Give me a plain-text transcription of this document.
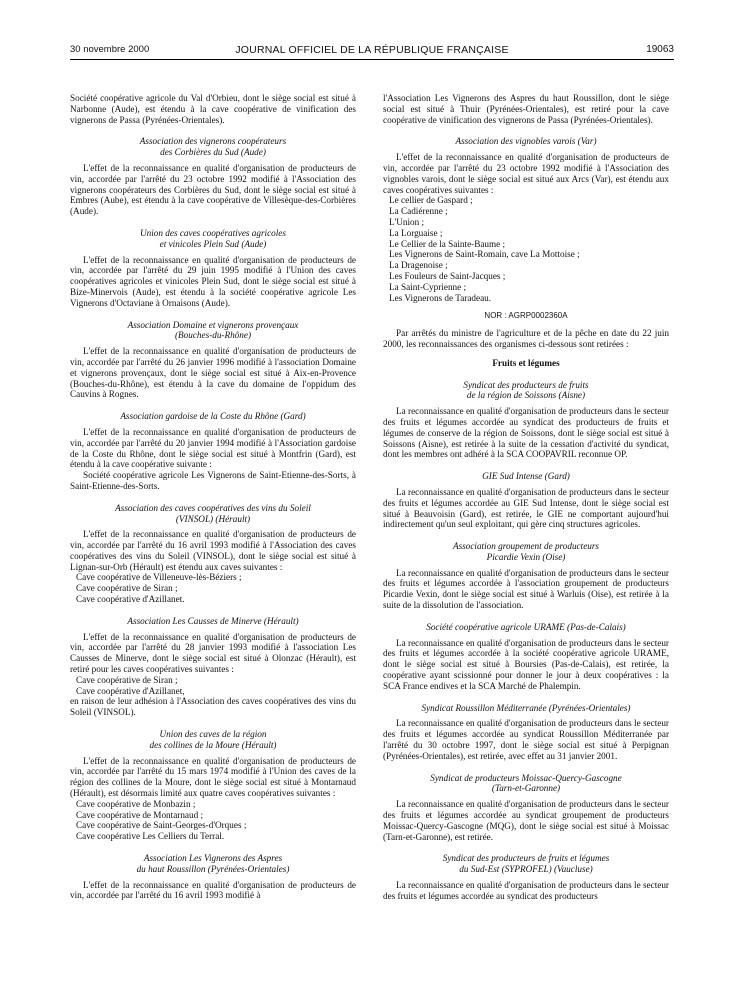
30 novembre 2000	JOURNAL OFFICIEL DE LA RÉPUBLIQUE FRANÇAISE	19063
Société coopérative agricole du Val d'Orbieu, dont le siège social est situé à Narbonne (Aude), est étendu à la cave coopérative de vinification des vignerons de Passa (Pyrénées-Orientales).
Association des vignerons coopérateurs
des Corbières du Sud (Aude)
L'effet de la reconnaissance en qualité d'organisation de producteurs de vin, accordée par l'arrêté du 23 octobre 1992 modifié à l'Association des vignerons coopérateurs des Corbières du Sud, dont le siège social est situé à Embres (Aube), est étendu à la cave coopérative de Villesèque-des-Corbières (Aude).
Union des caves coopératives agricoles
et vinicoles Plein Sud (Aude)
L'effet de la reconnaissance en qualité d'organisation de producteurs de vin, accordée par l'arrêté du 29 juin 1995 modifié à l'Union des caves coopératives agricoles et vinicoles Plein Sud, dont le siège social est situé à Bize-Minervois (Aude), est étendu à la société coopérative agricole Les Vignerons d'Octaviane à Ornaisons (Aude).
Association Domaine et vignerons provençaux
(Bouches-du-Rhône)
L'effet de la reconnaissance en qualité d'organisation de producteurs de vin, accordée par l'arrêté du 26 janvier 1996 modifié à l'association Domaine et vignerons provençaux, dont le siège social est situé à Aix-en-Provence (Bouches-du-Rhône), est étendu à la cave du domaine de l'oppidum des Cauvins à Rognes.
Association gardoise de la Coste du Rhône (Gard)
L'effet de la reconnaissance en qualité d'organisation de producteurs de vin, accordée par l'arrêté du 20 janvier 1994 modifié à l'Association gardoise de la Coste du Rhône, dont le siège social est situé à Montfrin (Gard), est étendu à la cave coopérative suivante :
Société coopérative agricole Les Vignerons de Saint-Etienne-des-Sorts, à Saint-Etienne-des-Sorts.
Association des caves coopératives des vins du Soleil
(VINSOL) (Hérault)
L'effet de la reconnaissance en qualité d'organisation de producteurs de vin, accordée par l'arrêté du 16 avril 1993 modifié à l'Association des caves coopératives des vins du Soleil (VINSOL), dont le siège social est situé à Lignan-sur-Orb (Hérault) est étendu aux caves suivantes :
Cave coopérative de Villeneuve-lès-Béziers ;
Cave coopérative de Siran ;
Cave coopérative d'Azillanet.
Association Les Causses de Minerve (Hérault)
L'effet de la reconnaissance en qualité d'organisation de producteurs de vin, accordée par l'arrêté du 28 janvier 1993 modifié à l'association Les Causses de Minerve, dont le siège social est situé à Olonzac (Hérault), est retiré pour les caves coopératives suivantes :
Cave coopérative de Siran ;
Cave coopérative d'Azillanet,
en raison de leur adhésion à l'Association des caves coopératives des vins du Soleil (VINSOL).
Union des caves de la région
des collines de la Moure (Hérault)
L'effet de la reconnaissance en qualité d'organisation de producteurs de vin, accordée par l'arrêté du 15 mars 1974 modifié à l'Union des caves de la région des collines de la Moure, dont le siège social est situé à Montarnaud (Hérault), est désormais limité aux quatre caves coopératives suivantes :
Cave coopérative de Monbazin ;
Cave coopérative de Montarnaud ;
Cave coopérative de Saint-Georges-d'Orques ;
Cave coopérative Les Celliers du Terral.
Association Les Vignerons des Aspres
du haut Roussillon (Pyrénées-Orientales)
L'effet de la reconnaissance en qualité d'organisation de producteurs de vin, accordée par l'arrêté du 16 avril 1993 modifié à
l'Association Les Vignerons des Aspres du haut Roussillon, dont le siège social est situé à Thuir (Pyrénées-Orientales), est retiré pour la cave coopérative de vinification des vignerons de Passa (Pyrénées-Orientales).
Association des vignobles varois (Var)
L'effet de la reconnaissance en qualité d'organisation de producteurs de vin, accordée par l'arrêté du 23 octobre 1992 modifié à l'Association des vignobles varois, dont le siège social est situé aux Arcs (Var), est étendu aux caves coopératives suivantes :
Le cellier de Gaspard ;
La Cadiérenne ;
L'Union ;
La Lorguaise ;
Le Cellier de la Sainte-Baume ;
Les Vignerons de Saint-Romain, cave La Mottoise ;
La Dragenoise ;
Les Fouleurs de Saint-Jacques ;
La Saint-Cyprienne ;
Les Vignerons de Taradeau.
NOR : AGRP0002360A
Par arrêtés du ministre de l'agriculture et de la pêche en date du 22 juin 2000, les reconnaissances des organismes ci-dessous sont retirées :
Fruits et légumes
Syndicat des producteurs de fruits
de la région de Soissons (Aisne)
La reconnaissance en qualité d'organisation de producteurs dans le secteur des fruits et légumes accordée au syndicat des producteurs de fruits et légumes de conserve de la région de Soissons, dont le siège social est situé à Soissons (Aisne), est retirée à la suite de la cessation d'activité du syndicat, dont les membres ont adhéré à la SCA COOPAVRIL reconnue OP.
GIE Sud Intense (Gard)
La reconnaissance en qualité d'organisation de producteurs dans le secteur des fruits et légumes accordée au GIE Sud Intense, dont le siège social est situé à Beauvoisin (Gard), est retirée, le GIE ne comportant aujourd'hui indirectement qu'un seul exploitant, qui gère cinq structures agricoles.
Association groupement de producteurs
Picardie Vexin (Oise)
La reconnaissance en qualité d'organisation de producteurs dans le secteur des fruits et légumes accordée à l'association groupement de producteurs Picardie Vexin, dont le siège social est situé à Warluis (Oise), est retirée à la suite de la dissolution de l'association.
Société coopérative agricole URAME (Pas-de-Calais)
La reconnaissance en qualité d'organisation de producteurs dans le secteur des fruits et légumes accordée à la société coopérative agricole URAME, dont le siège social est situé à Boursies (Pas-de-Calais), est retirée, la coopérative ayant scissionné pour donner le jour à deux coopératives : la SCA France endives et la SCA Marché de Phalempin.
Syndicat Roussillon Méditerranée (Pyrénées-Orientales)
La reconnaissance en qualité d'organisation de producteurs dans le secteur des fruits et légumes accordée au syndicat Roussillon Méditerranée par l'arrêté du 30 octobre 1997, dont le siège social est situé à Perpignan (Pyrénées-Orientales), est retirée, avec effet au 31 janvier 2001.
Syndicat de producteurs Moissac-Quercy-Gascogne
(Tarn-et-Garonne)
La reconnaissance en qualité d'organisation de producteurs dans le secteur des fruits et légumes accordée au syndicat groupement de producteurs Moissac-Quercy-Gascogne (MQG), dont le siège social est situé à Moissac (Tarn-et-Garonne), est retirée.
Syndicat des producteurs de fruits et légumes
du Sud-Est (SYPROFEL) (Vaucluse)
La reconnaissance en qualité d'organisation de producteurs dans le secteur des fruits et légumes accordée au syndicat des producteurs
